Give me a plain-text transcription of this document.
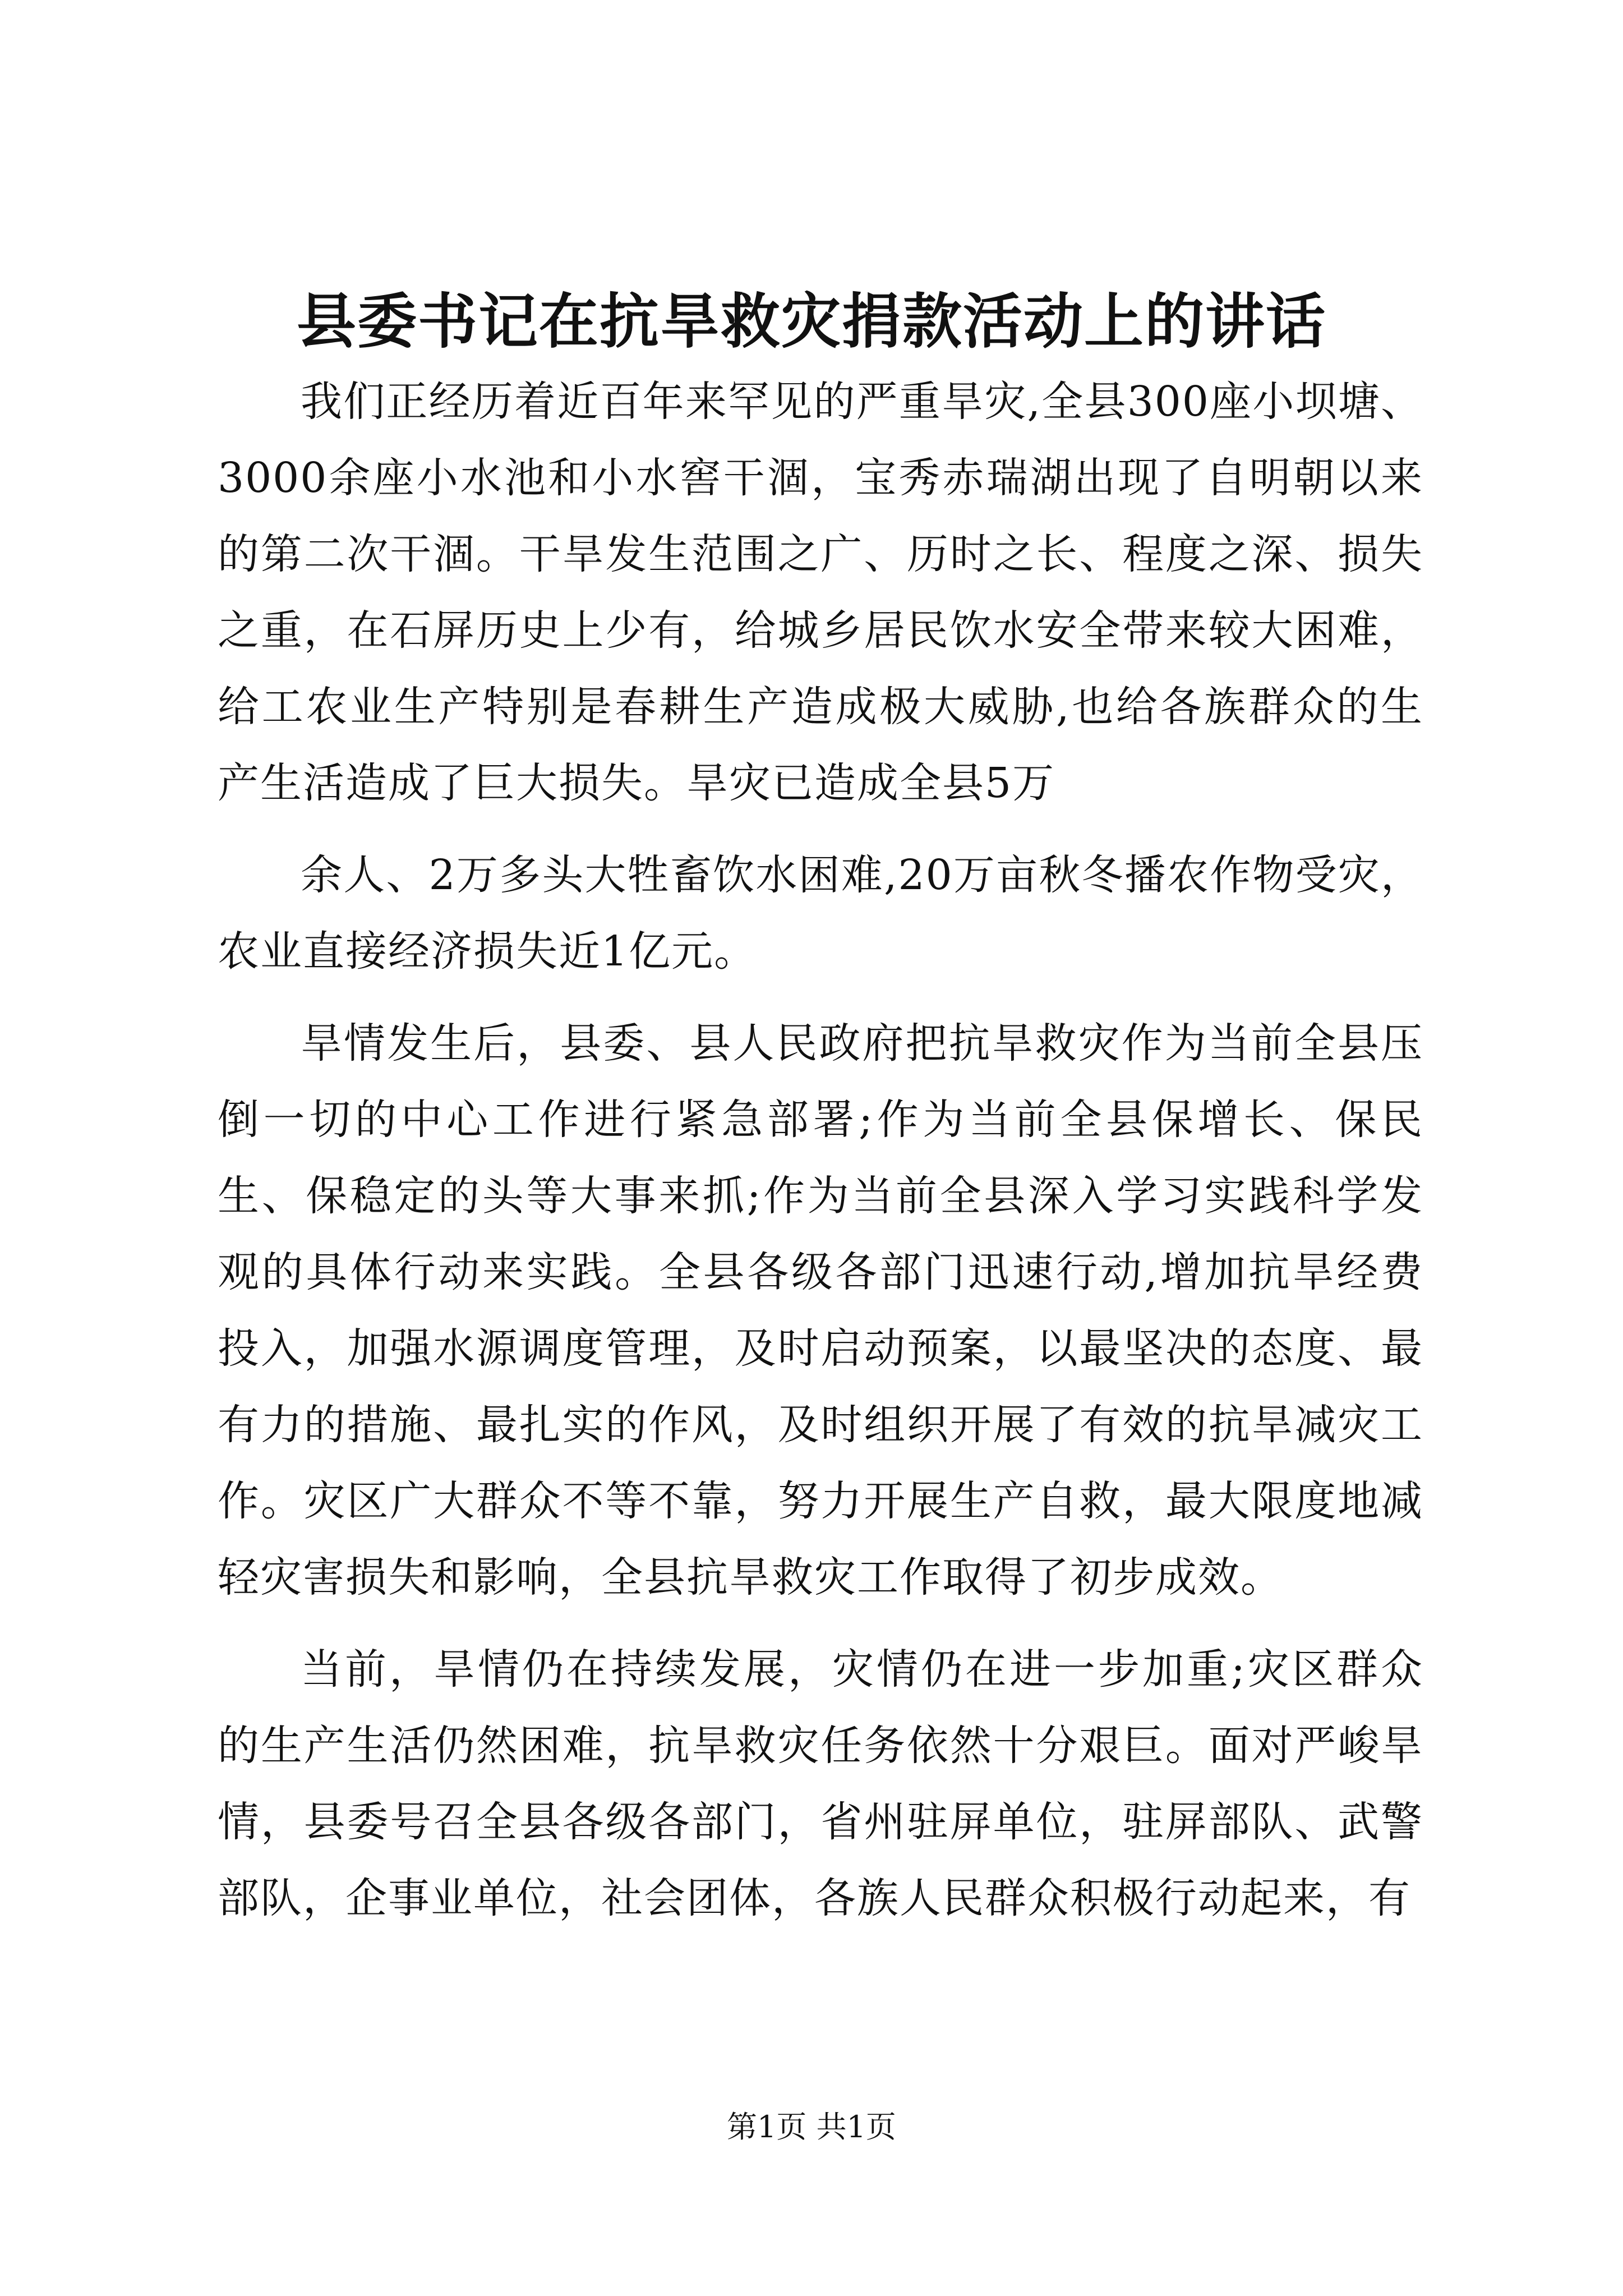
县委书记在抗旱救灾捐款活动上的讲话

我们正经历着近百年来罕见的严重旱灾,全县300座小坝塘、3000余座小水池和小水窖干涸，宝秀赤瑞湖出现了自明朝以来的第二次干涸。干旱发生范围之广、历时之长、程度之深、损失之重，在石屏历史上少有，给城乡居民饮水安全带来较大困难，给工农业生产特别是春耕生产造成极大威胁,也给各族群众的生产生活造成了巨大损失。旱灾已造成全县5万

余人、2万多头大牲畜饮水困难,20万亩秋冬播农作物受灾，农业直接经济损失近1亿元。

旱情发生后，县委、县人民政府把抗旱救灾作为当前全县压倒一切的中心工作进行紧急部署;作为当前全县保增长、保民生、保稳定的头等大事来抓;作为当前全县深入学习实践科学发观的具体行动来实践。全县各级各部门迅速行动,增加抗旱经费投入，加强水源调度管理，及时启动预案，以最坚决的态度、最有力的措施、最扎实的作风，及时组织开展了有效的抗旱减灾工作。灾区广大群众不等不靠，努力开展生产自救，最大限度地减轻灾害损失和影响，全县抗旱救灾工作取得了初步成效。

当前，旱情仍在持续发展，灾情仍在进一步加重;灾区群众的生产生活仍然困难，抗旱救灾任务依然十分艰巨。面对严峻旱情，县委号召全县各级各部门，省州驻屏单位，驻屏部队、武警部队，企事业单位，社会团体，各族人民群众积极行动起来，有

第1页 共1页
